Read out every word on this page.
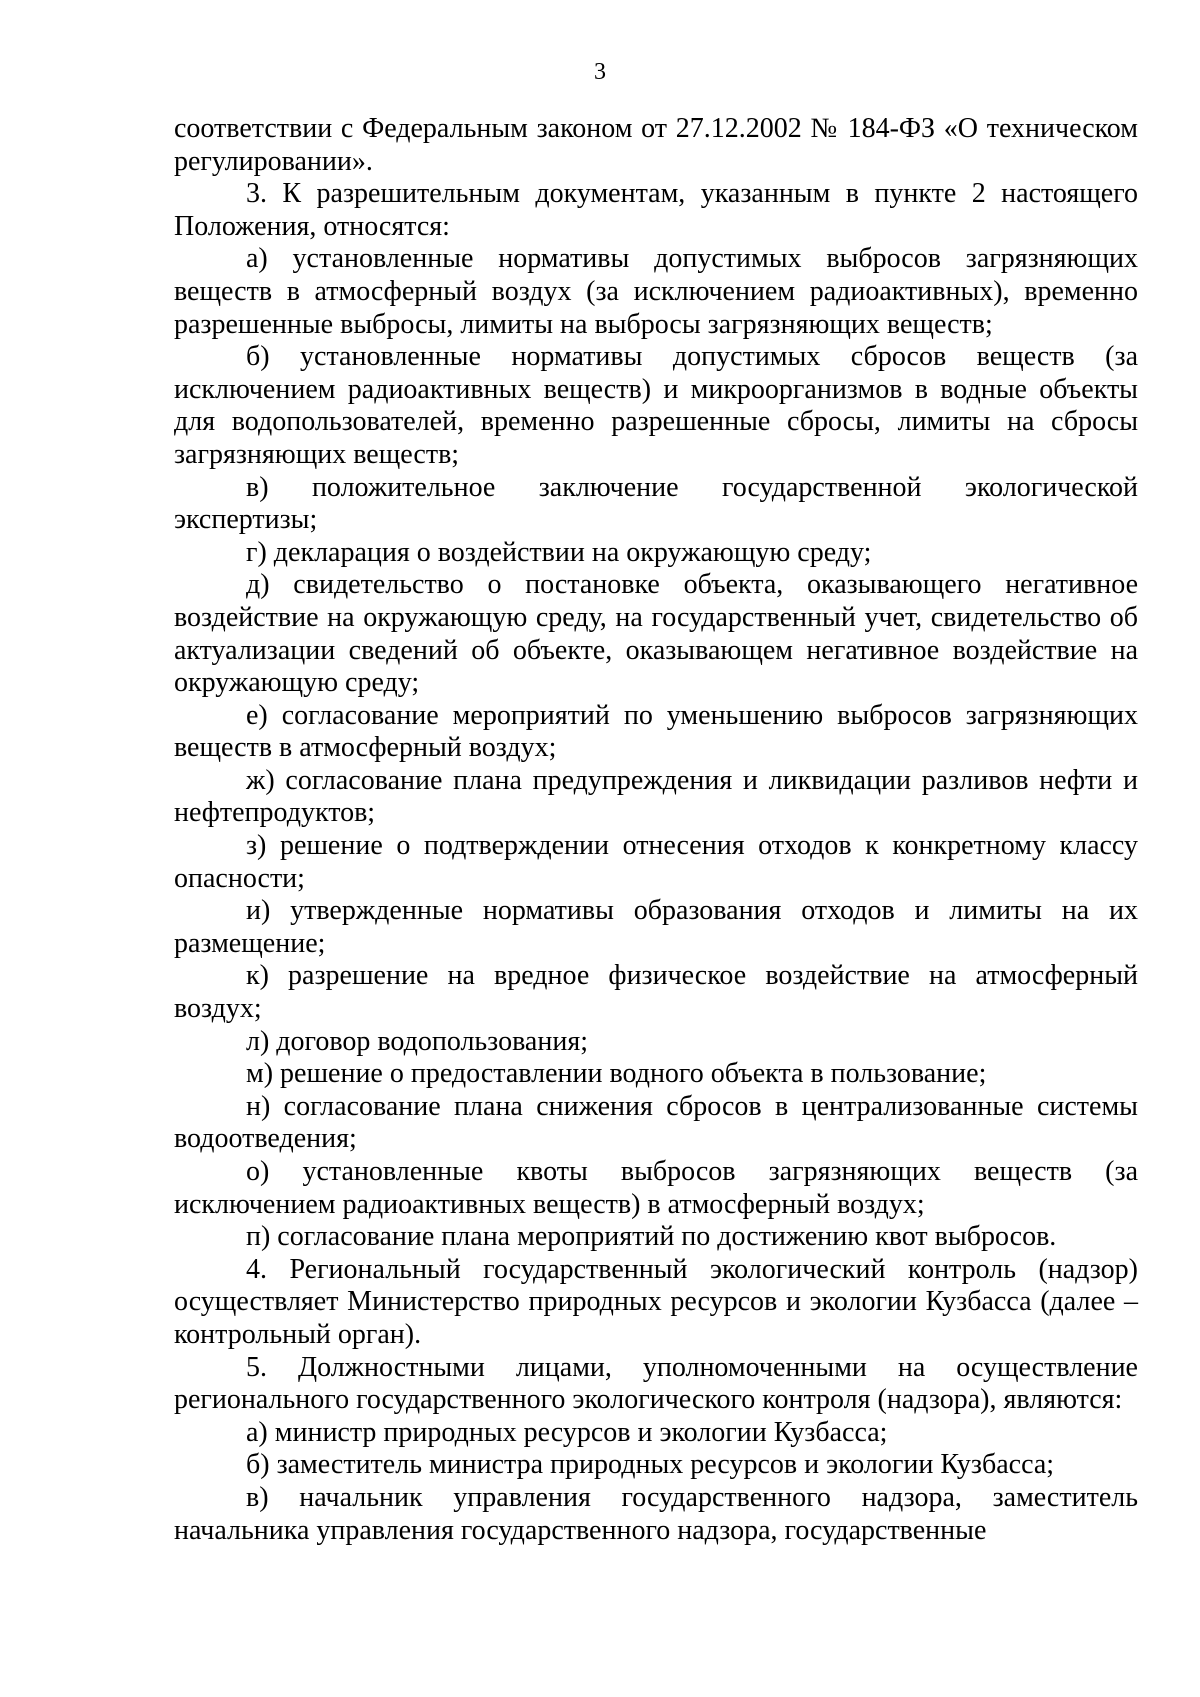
3

соответствии с Федеральным законом от 27.12.2002 № 184-ФЗ «О техническом регулировании».

3. К разрешительным документам, указанным в пункте 2 настоящего Положения, относятся:

а) установленные нормативы допустимых выбросов загрязняющих веществ в атмосферный воздух (за исключением радиоактивных), временно разрешенные выбросы, лимиты на выбросы загрязняющих веществ;

б) установленные нормативы допустимых сбросов веществ (за исключением радиоактивных веществ) и микроорганизмов в водные объекты для водопользователей, временно разрешенные сбросы, лимиты на сбросы загрязняющих веществ;

в) положительное заключение государственной экологической экспертизы;

г) декларация о воздействии на окружающую среду;

д) свидетельство о постановке объекта, оказывающего негативное воздействие на окружающую среду, на государственный учет, свидетельство об актуализации сведений об объекте, оказывающем негативное воздействие на окружающую среду;

е) согласование мероприятий по уменьшению выбросов загрязняющих веществ в атмосферный воздух;

ж) согласование плана предупреждения и ликвидации разливов нефти и нефтепродуктов;

з) решение о подтверждении отнесения отходов к конкретному классу опасности;

и) утвержденные нормативы образования отходов и лимиты на их размещение;

к) разрешение на вредное физическое воздействие на атмосферный воздух;

л) договор водопользования;

м) решение о предоставлении водного объекта в пользование;

н) согласование плана снижения сбросов в централизованные системы водоотведения;

о) установленные квоты выбросов загрязняющих веществ (за исключением радиоактивных веществ) в атмосферный воздух;

п) согласование плана мероприятий по достижению квот выбросов.

4. Региональный государственный экологический контроль (надзор) осуществляет Министерство природных ресурсов и экологии Кузбасса (далее – контрольный орган).

5. Должностными лицами, уполномоченными на осуществление регионального государственного экологического контроля (надзора), являются:

а) министр природных ресурсов и экологии Кузбасса;

б) заместитель министра природных ресурсов и экологии Кузбасса;

в) начальник управления государственного надзора, заместитель начальника управления государственного надзора, государственные
